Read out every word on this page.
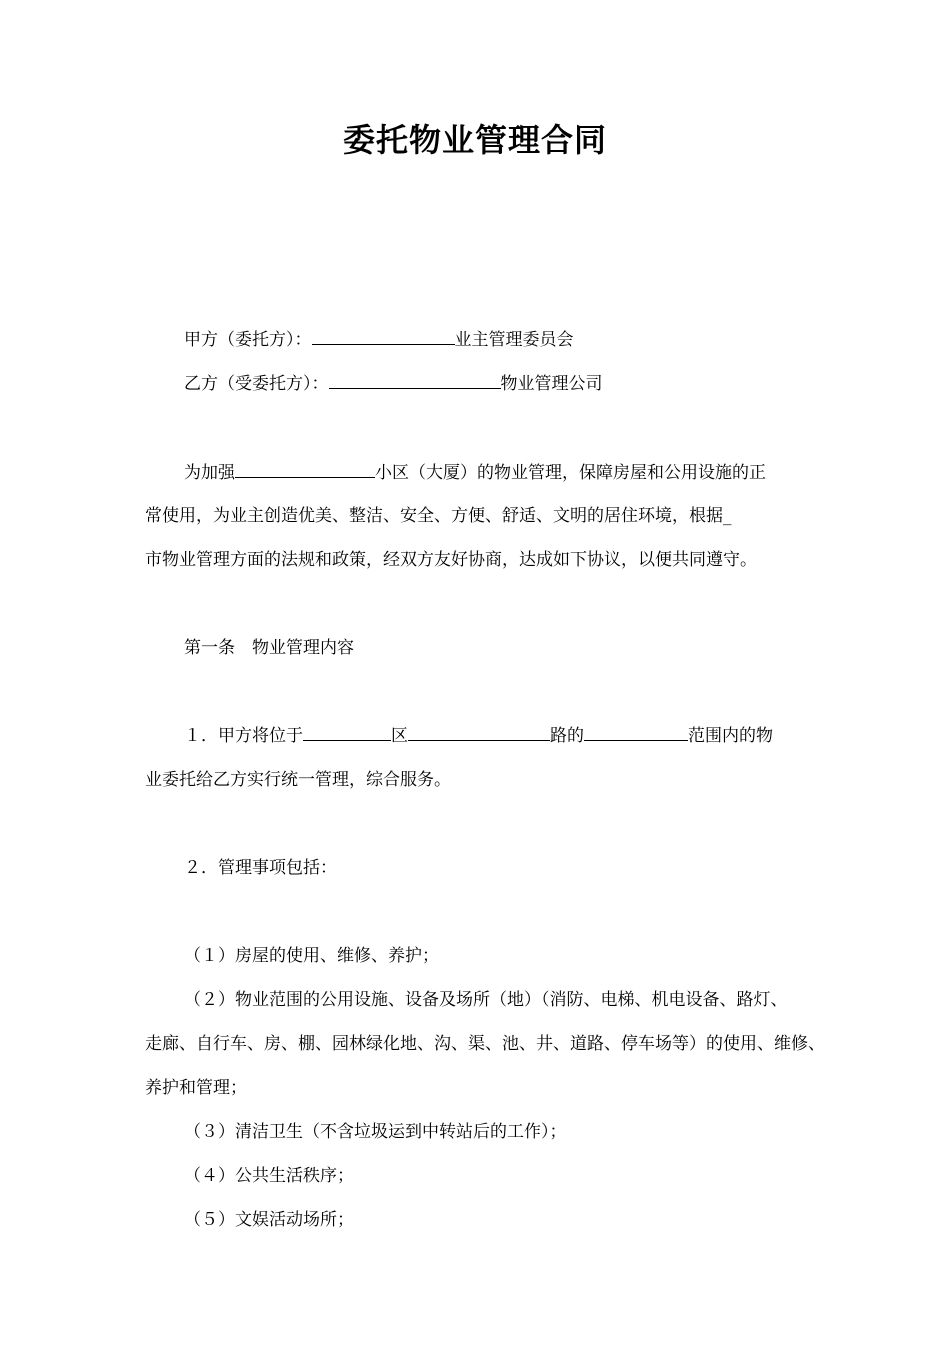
委托物业管理合同
甲方（委托方）：	业主管理委员会
乙方（受委托方）：	物业管理公司
为加强	小区（大厦）的物业管理，保障房屋和公用设施的正
常使用，为业主创造优美、整洁、安全、方便、舒适、文明的居住环境，根据_
市物业管理方面的法规和政策，经双方友好协商，达成如下协议，以便共同遵守。
第一条　物业管理内容
１．甲方将位于	区	路的	范围内的物
业委托给乙方实行统一管理，综合服务。
２．管理事项包括：
（１）房屋的使用、维修、养护；
（２）物业范围的公用设施、设备及场所（地）（消防、电梯、机电设备、路灯、
走廊、自行车、房、棚、园林绿化地、沟、渠、池、井、道路、停车场等）的使用、维修、
养护和管理；
（３）清洁卫生（不含垃圾运到中转站后的工作）；
（４）公共生活秩序；
（５）文娱活动场所；
